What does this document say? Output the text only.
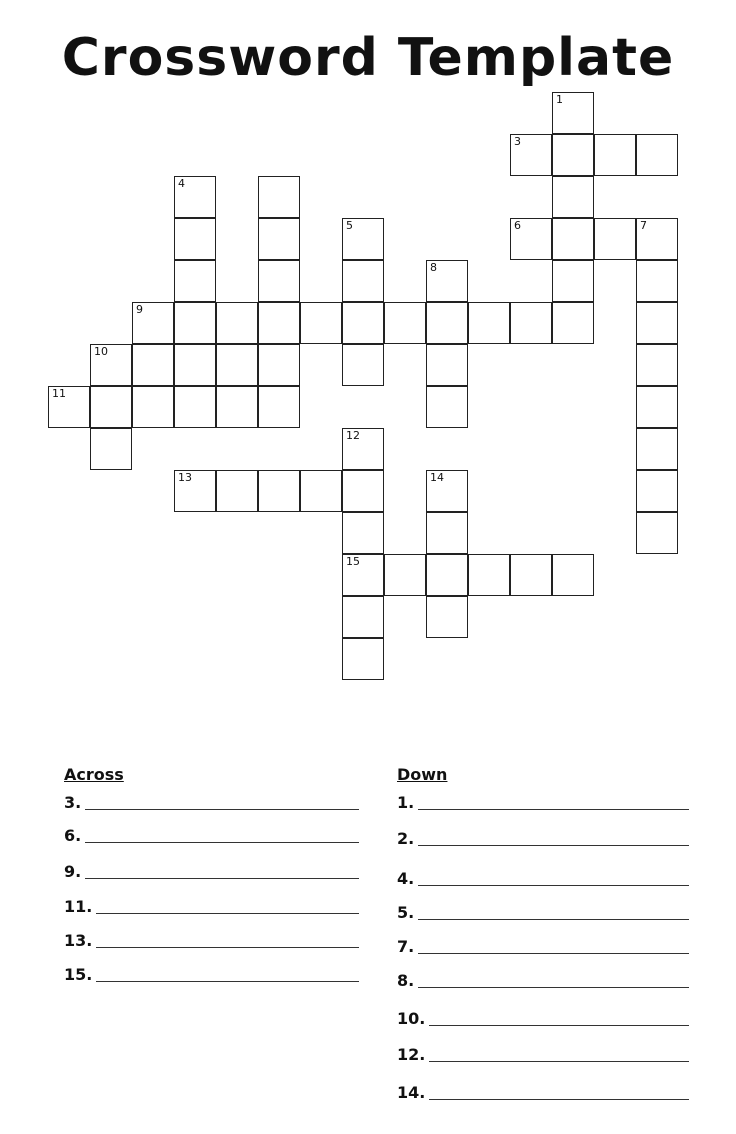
Crossword Template
1
3
4
5	6	7
8
9
10
11
12
13	14
15
Across
3.
6.
9.
11.
13.
15.
Down
1.
2.
4.
5.
7.
8.
10.
12.
14.
